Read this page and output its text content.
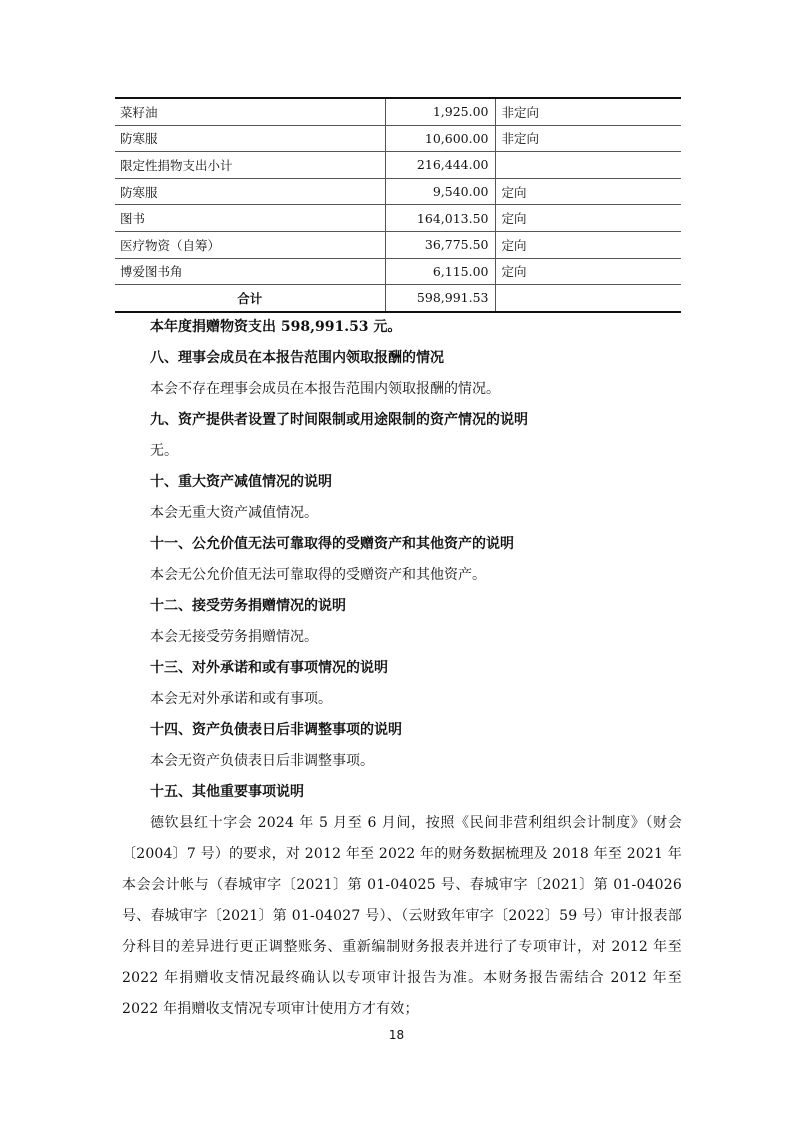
菜籽油	1,925.00	非定向
防寒服	10,600.00	非定向
限定性捐物支出小计	216,444.00	
防寒服	9,540.00	定向
图书	164,013.50	定向
医疗物资（自筹）	36,775.50	定向
博爱图书角	6,115.00	定向
合计	598,991.53	

本年度捐赠物资支出 598,991.53 元。

八、理事会成员在本报告范围内领取报酬的情况

本会不存在理事会成员在本报告范围内领取报酬的情况。

九、资产提供者设置了时间限制或用途限制的资产情况的说明

无。

十、重大资产减值情况的说明

本会无重大资产减值情况。

十一、公允价值无法可靠取得的受赠资产和其他资产的说明

本会无公允价值无法可靠取得的受赠资产和其他资产。

十二、接受劳务捐赠情况的说明

本会无接受劳务捐赠情况。

十三、对外承诺和或有事项情况的说明

本会无对外承诺和或有事项。

十四、资产负债表日后非调整事项的说明

本会无资产负债表日后非调整事项。

十五、其他重要事项说明

德钦县红十字会 2024 年 5 月至 6 月间，按照《民间非营利组织会计制度》（财会〔2004〕7 号）的要求，对 2012 年至 2022 年的财务数据梳理及 2018 年至 2021 年本会会计帐与（春城审字〔2021〕第 01-04025 号、春城审字〔2021〕第 01-04026 号、春城审字〔2021〕第 01-04027 号）、（云财致年审字〔2022〕59 号）审计报表部分科目的差异进行更正调整账务、重新编制财务报表并进行了专项审计，对 2012 年至 2022 年捐赠收支情况最终确认以专项审计报告为准。本财务报告需结合 2012 年至 2022 年捐赠收支情况专项审计使用方才有效；

18
